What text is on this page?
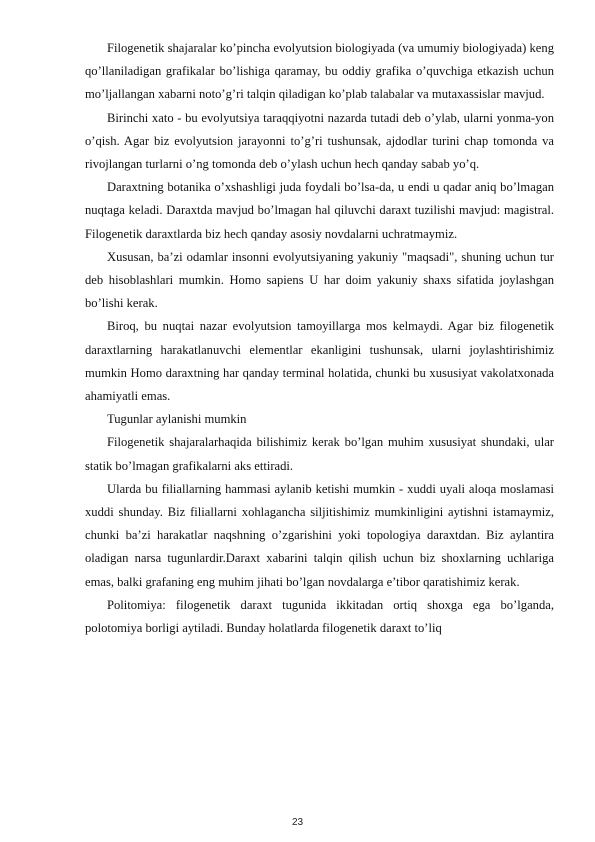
Filogenetik shajaralar ko’pincha evolyutsion biologiyada (va umumiy biologiyada) keng qo’llaniladigan grafikalar bo’lishiga qaramay, bu oddiy grafika o’quvchiga etkazish uchun mo’ljallangan xabarni noto’g’ri talqin qiladigan ko’plab talabalar va mutaxassislar mavjud.

Birinchi xato - bu evolyutsiya taraqqiyotni nazarda tutadi deb o’ylab, ularni yonma-yon o’qish. Agar biz evolyutsion jarayonni to’g’ri tushunsak, ajdodlar turini chap tomonda va rivojlangan turlarni o’ng tomonda deb o’ylash uchun hech qanday sabab yo’q.

Daraxtning botanika o’xshashligi juda foydali bo’lsa-da, u endi u qadar aniq bo’lmagan nuqtaga keladi. Daraxtda mavjud bo’lmagan hal qiluvchi daraxt tuzilishi mavjud: magistral. Filogenetik daraxtlarda biz hech qanday asosiy novdalarni uchratmaymiz.

Xususan, ba’zi odamlar insonni evolyutsiyaning yakuniy "maqsadi", shuning uchun tur deb hisoblashlari mumkin. Homo sapiens U har doim yakuniy shaxs sifatida joylashgan bo’lishi kerak.

Biroq, bu nuqtai nazar evolyutsion tamoyillarga mos kelmaydi. Agar biz filogenetik daraxtlarning harakatlanuvchi elementlar ekanligini tushunsak, ularni joylashtirishimiz mumkin Homo daraxtning har qanday terminal holatida, chunki bu xususiyat vakolatxonada ahamiyatli emas.

Tugunlar aylanishi mumkin

Filogenetik shajaralarhaqida bilishimiz kerak bo’lgan muhim xususiyat shundaki, ular statik bo’lmagan grafikalarni aks ettiradi.

Ularda bu filiallarning hammasi aylanib ketishi mumkin - xuddi uyali aloqa moslamasi xuddi shunday. Biz filiallarni xohlagancha siljitishimiz mumkinligini aytishni istamaymiz, chunki ba’zi harakatlar naqshning o’zgarishini yoki topologiya daraxtdan. Biz aylantira oladigan narsa tugunlardir.Daraxt xabarini talqin qilish uchun biz shoxlarning uchlariga emas, balki grafaning eng muhim jihati bo’lgan novdalarga e’tibor qaratishimiz kerak.

Politomiya: filogenetik daraxt tugunida ikkitadan ortiq shoxga ega bo’lganda, polotomiya borligi aytiladi. Bunday holatlarda filogenetik daraxt to’liq

23
